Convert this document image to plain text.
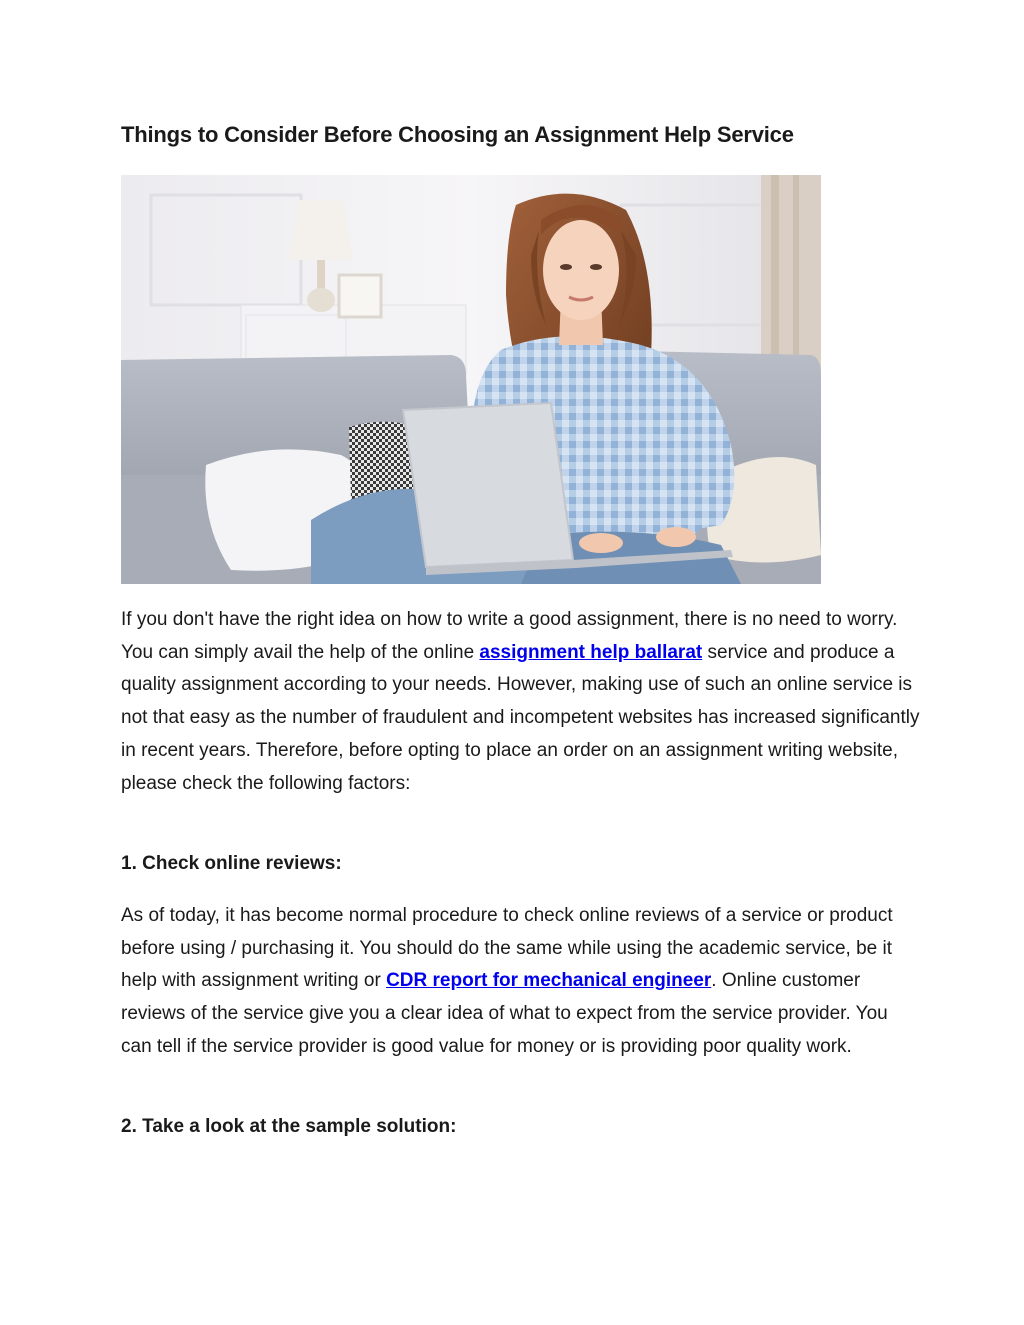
Things to Consider Before Choosing an Assignment Help Service

If you don't have the right idea on how to write a good assignment, there is no need to worry. You can simply avail the help of the online assignment help ballarat service and produce a quality assignment according to your needs. However, making use of such an online service is not that easy as the number of fraudulent and incompetent websites has increased significantly in recent years. Therefore, before opting to place an order on an assignment writing website, please check the following factors:

1. Check online reviews:

As of today, it has become normal procedure to check online reviews of a service or product before using / purchasing it. You should do the same while using the academic service, be it help with assignment writing or CDR report for mechanical engineer. Online customer reviews of the service give you a clear idea of what to expect from the service provider. You can tell if the service provider is good value for money or is providing poor quality work.

2. Take a look at the sample solution:
